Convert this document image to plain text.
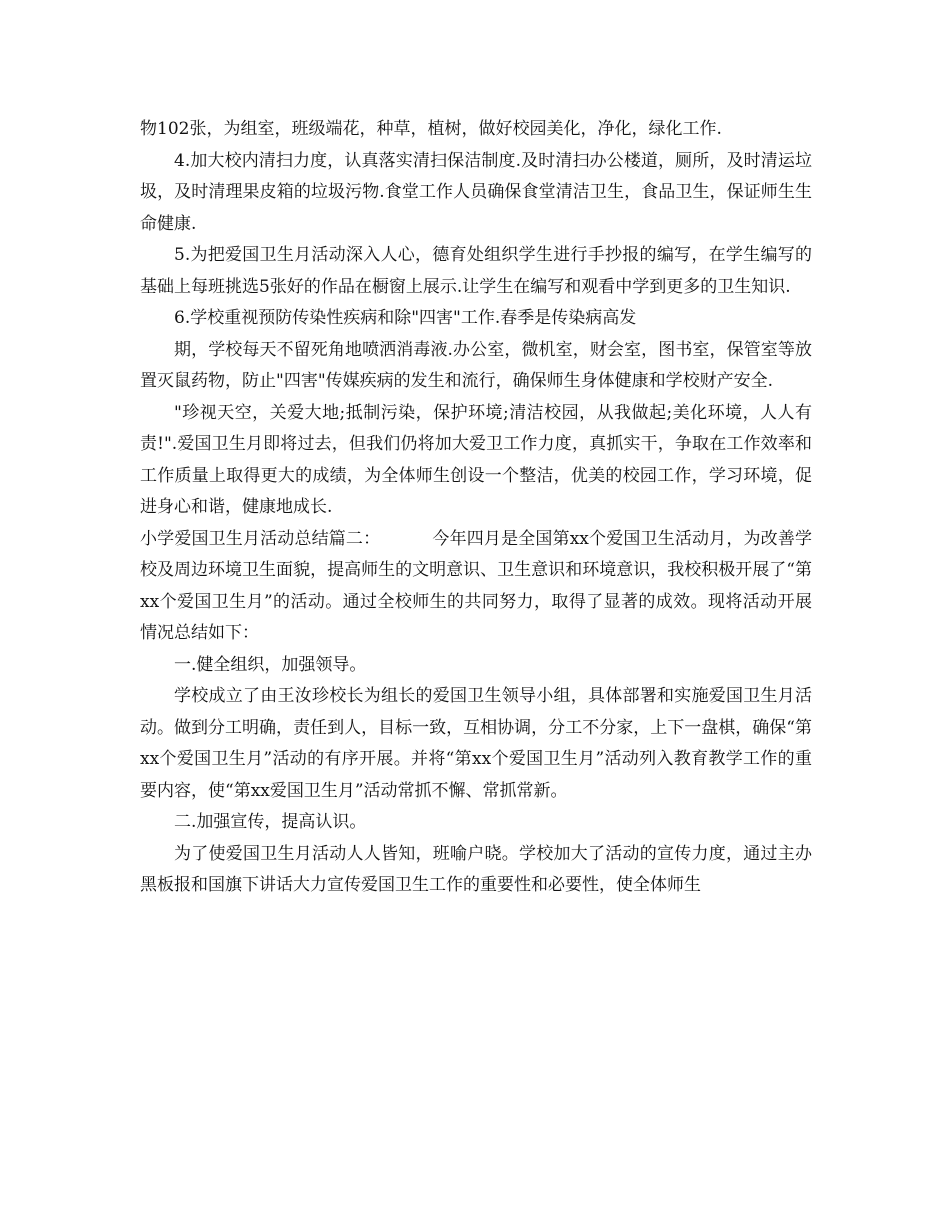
物102张，为组室，班级端花，种草，植树，做好校园美化，净化，绿化工作.

4.加大校内清扫力度，认真落实清扫保洁制度.及时清扫办公楼道，厕所，及时清运垃圾，及时清理果皮箱的垃圾污物.食堂工作人员确保食堂清洁卫生，食品卫生，保证师生生命健康.

5.为把爱国卫生月活动深入人心，德育处组织学生进行手抄报的编写，在学生编写的基础上每班挑选5张好的作品在橱窗上展示.让学生在编写和观看中学到更多的卫生知识.

6.学校重视预防传染性疾病和除"四害"工作.春季是传染病高发

期，学校每天不留死角地喷洒消毒液.办公室，微机室，财会室，图书室，保管室等放置灭鼠药物，防止"四害"传媒疾病的发生和流行，确保师生身体健康和学校财产安全.

"珍视天空，关爱大地;抵制污染，保护环境;清洁校园，从我做起;美化环境，人人有责!".爱国卫生月即将过去，但我们仍将加大爱卫工作力度，真抓实干，争取在工作效率和工作质量上取得更大的成绩，为全体师生创设一个整洁，优美的校园工作，学习环境，促进身心和谐，健康地成长.

小学爱国卫生月活动总结篇二：	今年四月是全国第xx个爱国卫生活动月，为改善学校及周边环境卫生面貌，提高师生的文明意识、卫生意识和环境意识，我校积极开展了“第xx个爱国卫生月”的活动。通过全校师生的共同努力，取得了显著的成效。现将活动开展情况总结如下：

一.健全组织，加强领导。

学校成立了由王汝珍校长为组长的爱国卫生领导小组，具体部署和实施爱国卫生月活动。做到分工明确，责任到人，目标一致，互相协调，分工不分家，上下一盘棋，确保“第xx个爱国卫生月”活动的有序开展。并将“第xx个爱国卫生月”活动列入教育教学工作的重要内容，使“第xx爱国卫生月”活动常抓不懈、常抓常新。

二.加强宣传，提高认识。

为了使爱国卫生月活动人人皆知，班喻户晓。学校加大了活动的宣传力度，通过主办黑板报和国旗下讲话大力宣传爱国卫生工作的重要性和必要性，使全体师生
